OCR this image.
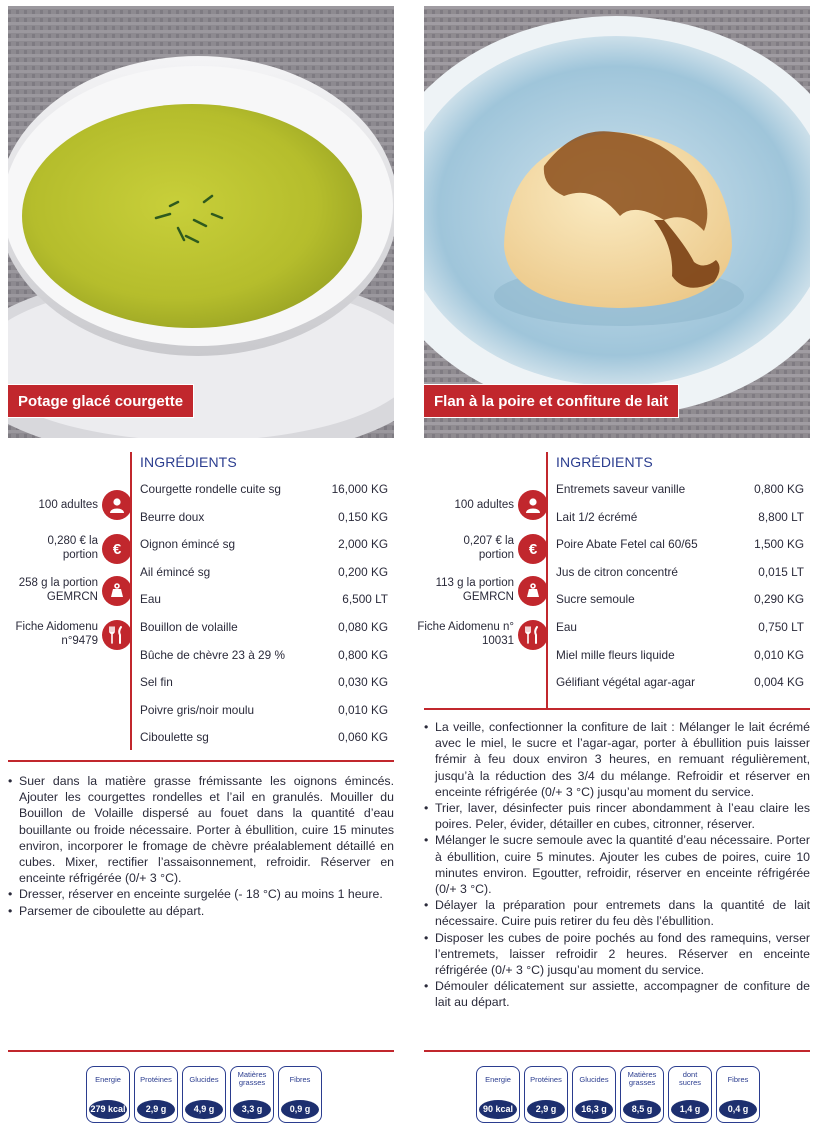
Potage glacé courgette
100 adultes
0,280 € la portion €
258 g la portion GEMRCN
Fiche Aidomenu n°9479
INGRÉDIENTS
Courgette rondelle cuite sg	16,000 KG
Beurre doux	0,150 KG
Oignon émincé sg	2,000 KG
Ail émincé sg	0,200 KG
Eau	6,500 LT
Bouillon de volaille	0,080 KG
Bûche de chèvre 23 à 29 %	0,800 KG
Sel fin	0,030 KG
Poivre gris/noir moulu	0,010 KG
Ciboulette sg	0,060 KG
• Suer dans la matière grasse frémissante les oignons émincés. Ajouter les courgettes rondelles et l’ail en granulés. Mouiller du Bouillon de Volaille dispersé au fouet dans la quantité d’eau bouillante ou froide nécessaire. Porter à ébullition, cuire 15 minutes environ, incorporer le fromage de chèvre préalablement détaillé en cubes. Mixer, rectifier l’assaisonnement, refroidir. Réserver en enceinte réfrigérée (0/+ 3 °C).
• Dresser, réserver en enceinte surgelée (- 18 °C) au moins 1 heure.
• Parsemer de ciboulette au départ.
Energie
279 kcal
Protéines
2,9 g
Glucides
4,9 g
Matières
grasses
3,3 g
Fibres
0,9 g
Flan à la poire et confiture de lait
100 adultes
0,207 € la portion €
113 g la portion GEMRCN
Fiche Aidomenu n° 10031
INGRÉDIENTS
Entremets saveur vanille	0,800 KG
Lait 1/2 écrémé	8,800 LT
Poire Abate Fetel cal 60/65	1,500 KG
Jus de citron concentré	0,015 LT
Sucre semoule	0,290 KG
Eau	0,750 LT
Miel mille fleurs liquide	0,010 KG
Gélifiant végétal agar-agar	0,004 KG
• La veille, confectionner la confiture de lait : Mélanger le lait écrémé avec le miel, le sucre et l’agar-agar, porter à ébullition puis laisser frémir à feu doux environ 3 heures, en remuant régulièrement, jusqu’à la réduction des 3/4 du mélange. Refroidir et réserver en enceinte réfrigérée (0/+ 3 °C) jusqu’au moment du service.
• Trier, laver, désinfecter puis rincer abondamment à l’eau claire les poires. Peler, évider, détailler en cubes, citronner, réserver.
• Mélanger le sucre semoule avec la quantité d’eau nécessaire. Porter à ébullition, cuire 5 minutes. Ajouter les cubes de poires, cuire 10 minutes environ. Egoutter, refroidir, réserver en enceinte réfrigérée (0/+ 3 °C).
• Délayer la préparation pour entremets dans la quantité de lait nécessaire. Cuire puis retirer du feu dès l’ébullition.
• Disposer les cubes de poire pochés au fond des ramequins, verser l’entremets, laisser refroidir 2 heures. Réserver en enceinte réfrigérée (0/+ 3 °C) jusqu’au moment du service.
• Démouler délicatement sur assiette, accompagner de confiture de lait au départ.
Energie
90 kcal
Protéines
2,9 g
Glucides
16,3 g
Matières
grasses
8,5 g
dont
sucres
1,4 g
Fibres
0,4 g
